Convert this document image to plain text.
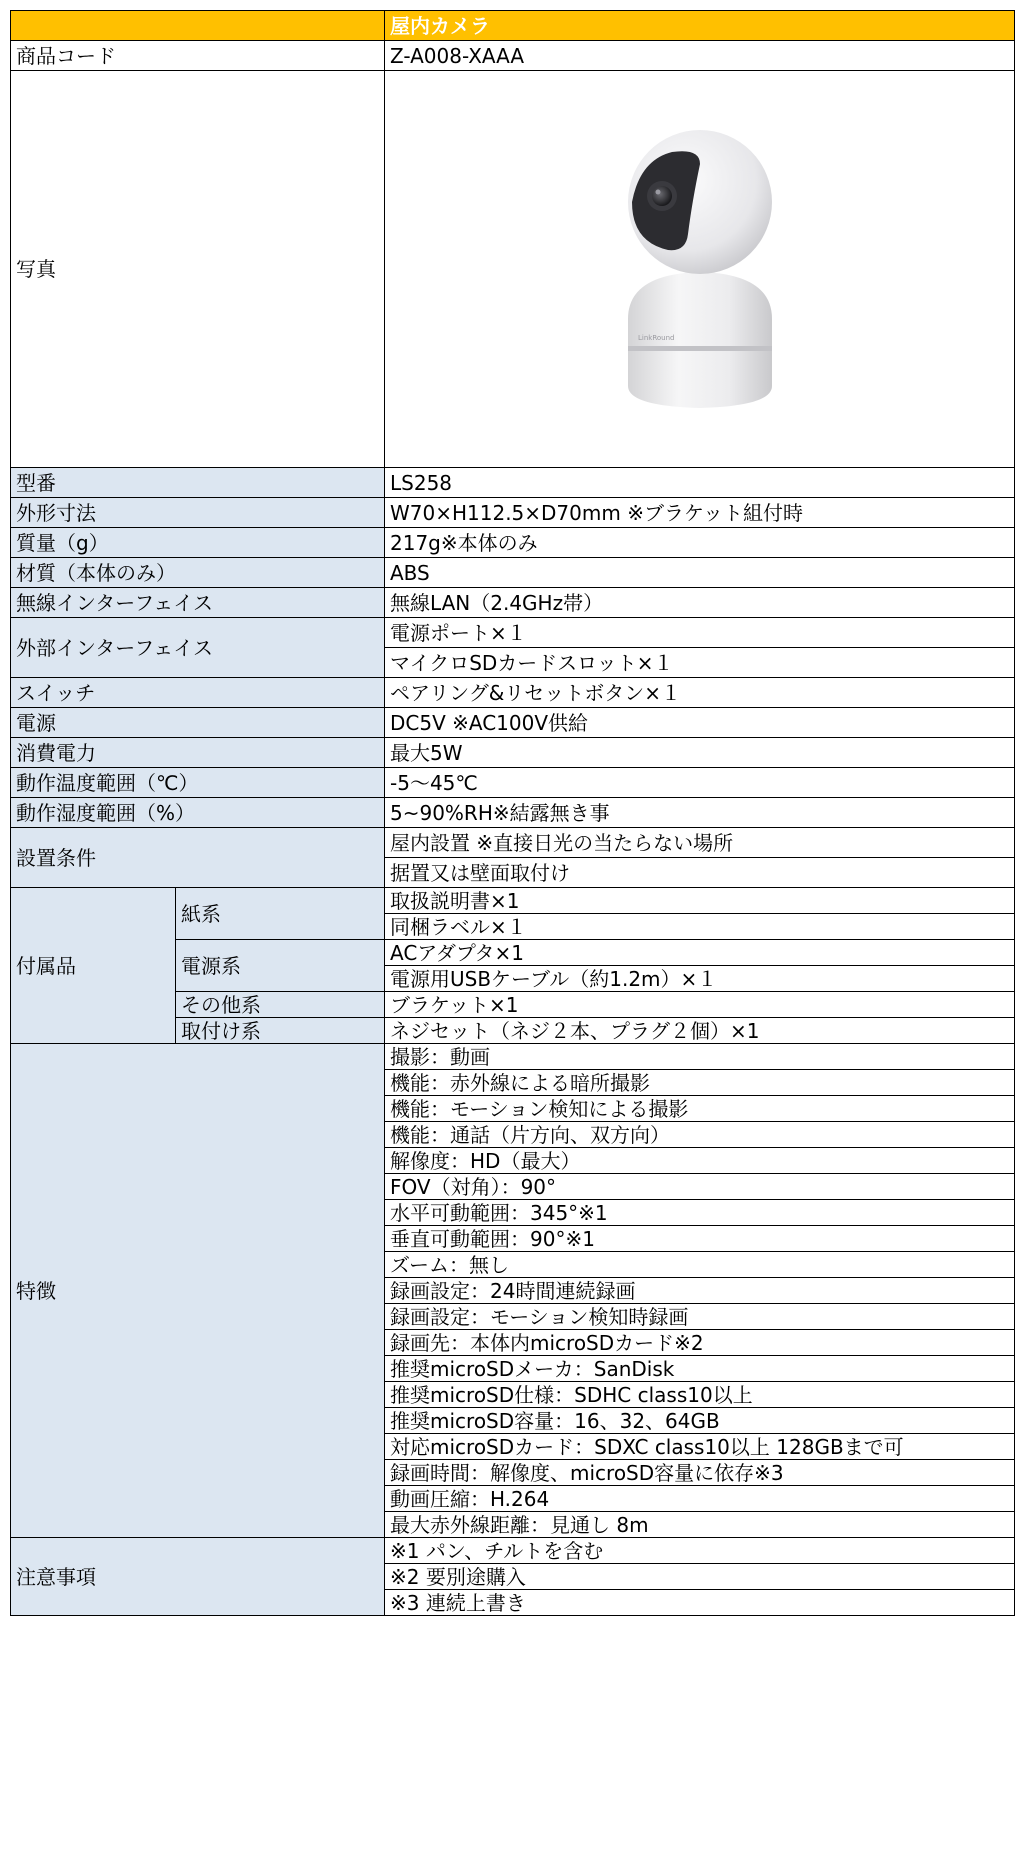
		屋内カメラ
商品コード		Z-A008-XAAA
写真		LinkRound

型番		LS258
外形寸法		W70×H112.5×D70mm ※ブラケット組付時
質量（g）		217g※本体のみ
材質（本体のみ）		ABS
無線インターフェイス		無線LAN（2.4GHz帯）
外部インターフェイス		電源ポート×１
		マイクロSDカードスロット×１
スイッチ		ペアリング&リセットボタン×１
電源		DC5V ※AC100V供給
消費電力		最大5W
動作温度範囲（℃）		-5～45℃
動作湿度範囲（%）		5~90%RH※結露無き事
設置条件		屋内設置 ※直接日光の当たらない場所
		据置又は壁面取付け
付属品	紙系	取扱説明書×1
		同梱ラベル×１
	電源系	ACアダプタ×1
		電源用USBケーブル（約1.2m）×１
	その他系	ブラケット×1
	取付け系	ネジセット（ネジ２本、プラグ２個）×1
特徴		撮影：動画
		機能：赤外線による暗所撮影
		機能：モーション検知による撮影
		機能：通話（片方向、双方向）
		解像度：HD（最大）
		FOV（対角）：90°
		水平可動範囲：345°※1
		垂直可動範囲：90°※1
		ズーム：無し
		録画設定：24時間連続録画
		録画設定：モーション検知時録画
		録画先：本体内microSDカード※2
		推奨microSDメーカ：SanDisk
		推奨microSD仕様：SDHC class10以上
		推奨microSD容量：16、32、64GB
		対応microSDカード：SDXC class10以上 128GBまで可
		録画時間：解像度、microSD容量に依存※3
		動画圧縮：H.264
		最大赤外線距離：見通し 8m
注意事項		※1 パン、チルトを含む
		※2 要別途購入
		※3 連続上書き
